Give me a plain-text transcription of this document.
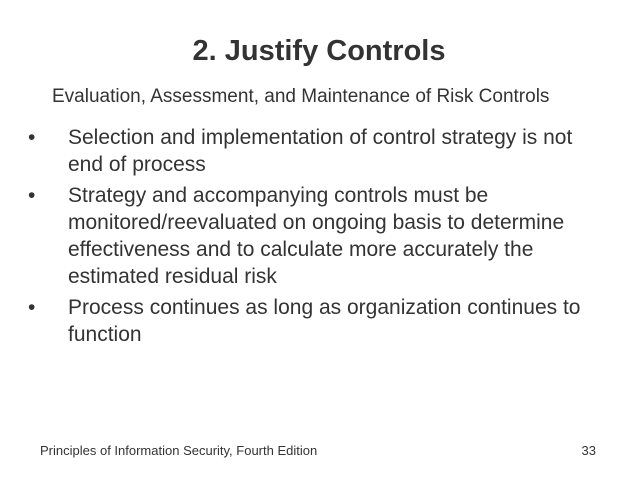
2. Justify Controls
Evaluation, Assessment, and Maintenance of Risk Controls
•	Selection and implementation of control strategy is not end of process
•	Strategy and accompanying controls must be monitored/reevaluated on ongoing basis to determine effectiveness and to calculate more accurately the estimated residual risk
•	Process continues as long as organization continues to function
Principles of Information Security, Fourth Edition	33
